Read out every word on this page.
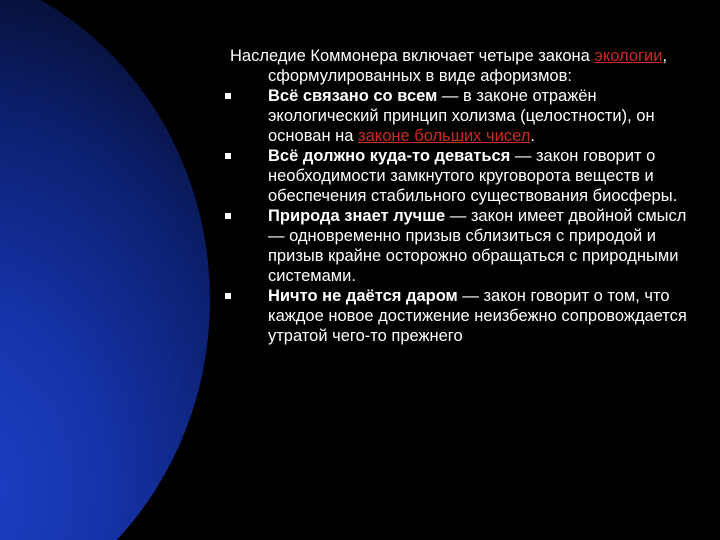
Наследие Коммонера включает четыре закона экологии, сформулированных в виде афоризмов:

Всё связано со всем — в законе отражён экологический принцип холизма (целостности), он основан на законе больших чисел.
Всё должно куда-то деваться — закон говорит о необходимости замкнутого круговорота веществ и обеспечения стабильного существования биосферы.
Природа знает лучше — закон имеет двойной смысл — одновременно призыв сблизиться с природой и призыв крайне осторожно обращаться с природными системами.
Ничто не даётся даром — закон говорит о том, что каждое новое достижение неизбежно сопровождается утратой чего-то прежнего
